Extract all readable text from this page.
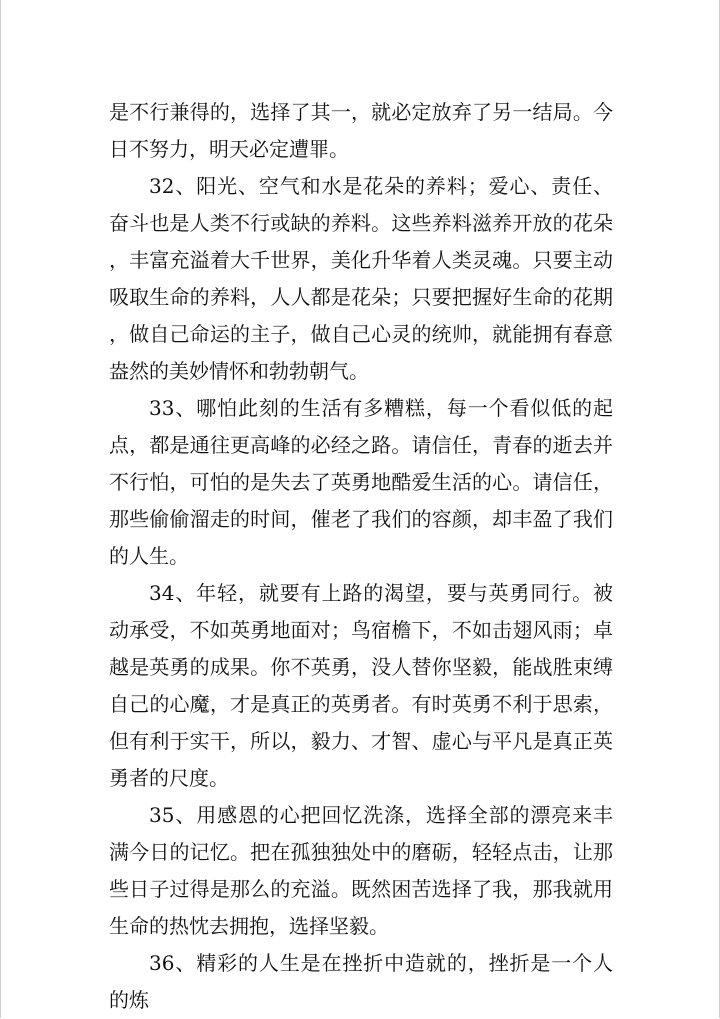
是不行兼得的，选择了其一，就必定放弃了另一结局。今日不努力，明天必定遭罪。

32、阳光、空气和水是花朵的养料；爱心、责任、奋斗也是人类不行或缺的养料。这些养料滋养开放的花朵，丰富充溢着大千世界，美化升华着人类灵魂。只要主动吸取生命的养料，人人都是花朵；只要把握好生命的花期，做自己命运的主子，做自己心灵的统帅，就能拥有春意盎然的美妙情怀和勃勃朝气。

33、哪怕此刻的生活有多糟糕，每一个看似低的起点，都是通往更高峰的必经之路。请信任，青春的逝去并不行怕，可怕的是失去了英勇地酷爱生活的心。请信任，那些偷偷溜走的时间，催老了我们的容颜，却丰盈了我们的人生。

34、年轻，就要有上路的渴望，要与英勇同行。被动承受，不如英勇地面对；鸟宿檐下，不如击翅风雨；卓越是英勇的成果。你不英勇，没人替你坚毅，能战胜束缚自己的心魔，才是真正的英勇者。有时英勇不利于思索，但有利于实干，所以，毅力、才智、虚心与平凡是真正英勇者的尺度。

35、用感恩的心把回忆洗涤，选择全部的漂亮来丰满今日的记忆。把在孤独独处中的磨砺，轻轻点击，让那些日子过得是那么的充溢。既然困苦选择了我，那我就用生命的热忱去拥抱，选择坚毅。

36、精彩的人生是在挫折中造就的，挫折是一个人的炼
